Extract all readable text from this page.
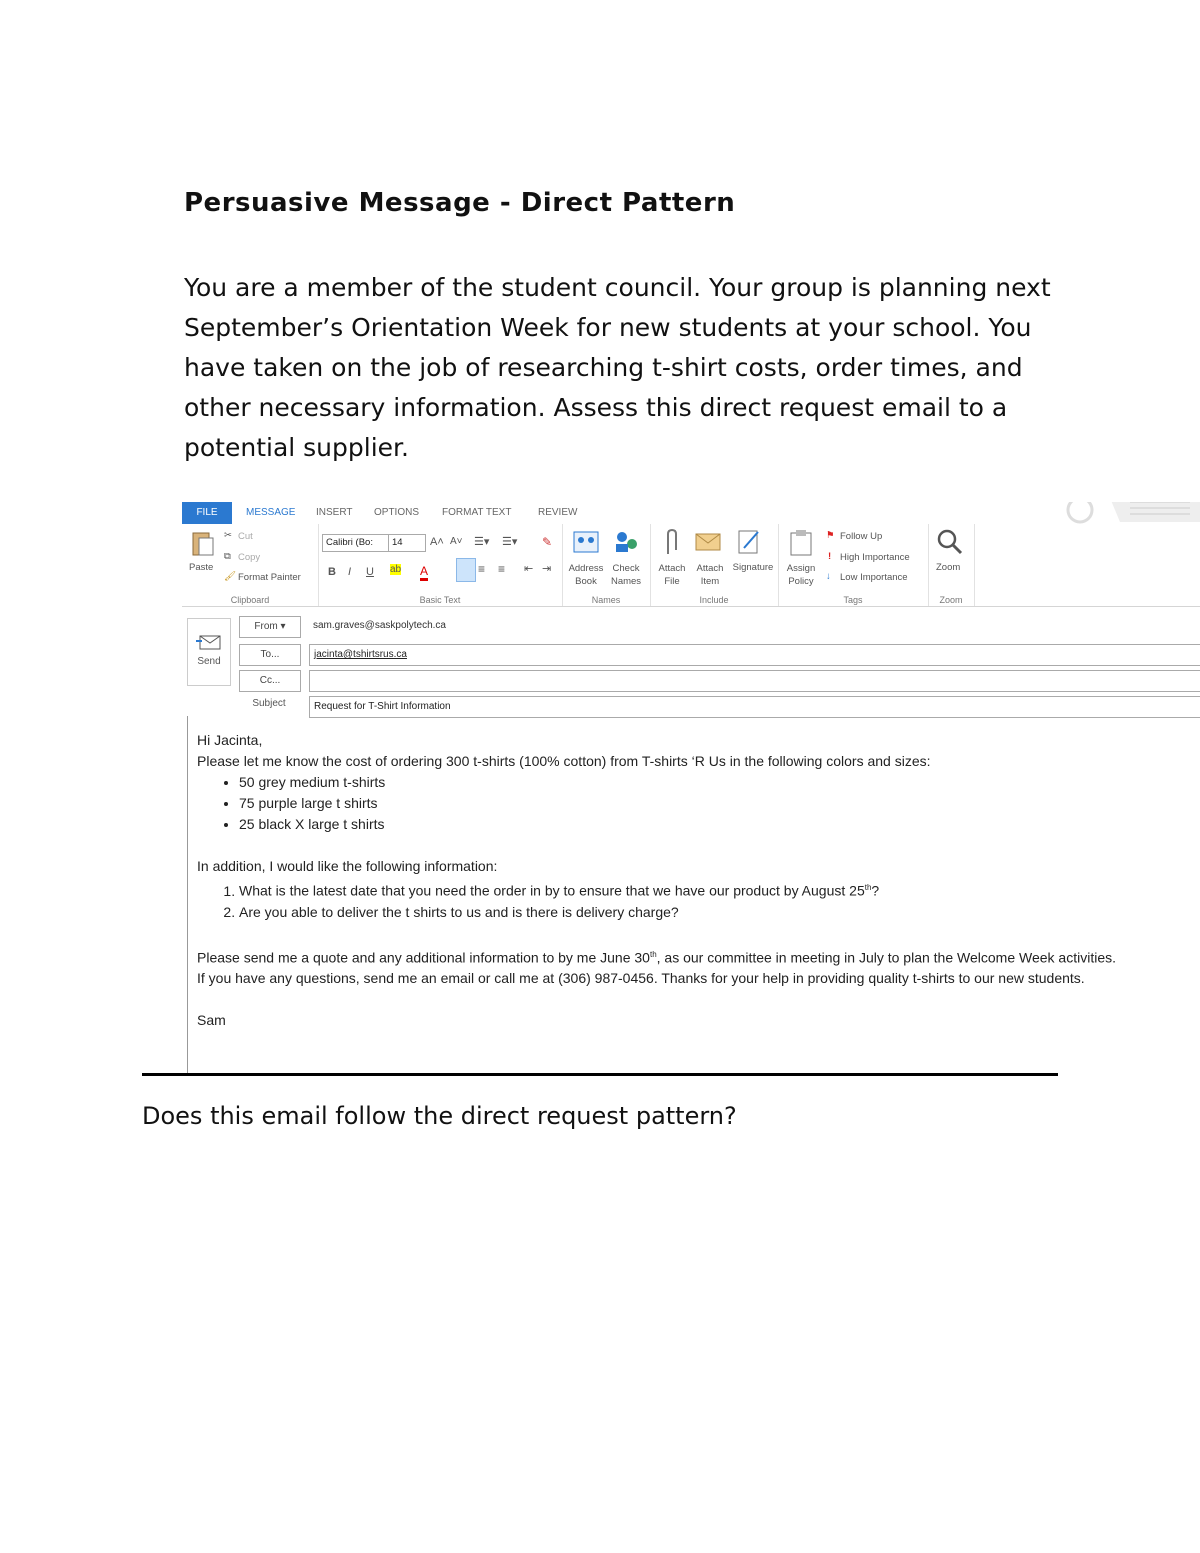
Persuasive Message - Direct Pattern

You are a member of the student council. Your group is planning next September’s Orientation Week for new students at your school. You have taken on the job of researching t-shirt costs, order times, and other necessary information. Assess this direct request email to a potential supplier.

FILE	MESSAGE INSERT OPTIONS FORMAT TEXT	REVIEW
Paste
✂ Cut
⧉ Copy
🖌 Format Painter
Clipboard
Calibri (Bo:	14	A˄ A˅ ☰▾ ☰▾ ✎
B I U ab A	≡ ≡ ⇤ ⇥
Basic Text
Address Book
Check Names
Names
Attach File
Attach Item
Signature
Include
Assign Policy
⚑ Follow Up
! High Importance
↓ Low Importance
Tags
Zoom
Zoom
Send
From ▾	sam.graves@saskpolytech.ca
To...	jacinta@tshirtsrus.ca
Cc...
Subject	Request for T-Shirt Information

Hi Jacinta,

Please let me know the cost of ordering 300 t-shirts (100% cotton) from T-shirts ‘R Us in the following colors and sizes:

• 50 grey medium t-shirts
• 75 purple large t shirts
• 25 black X large t shirts

In addition, I would like the following information:

1. What is the latest date that you need the order in by to ensure that we have our product by August 25th?
2. Are you able to deliver the t shirts to us and is there is delivery charge?

Please send me a quote and any additional information to by me June 30th, as our committee in meeting in July to plan the Welcome Week activities.

If you have any questions, send me an email or call me at (306) 987-0456. Thanks for your help in providing quality t-shirts to our new students.

Sam

Does this email follow the direct request pattern?
